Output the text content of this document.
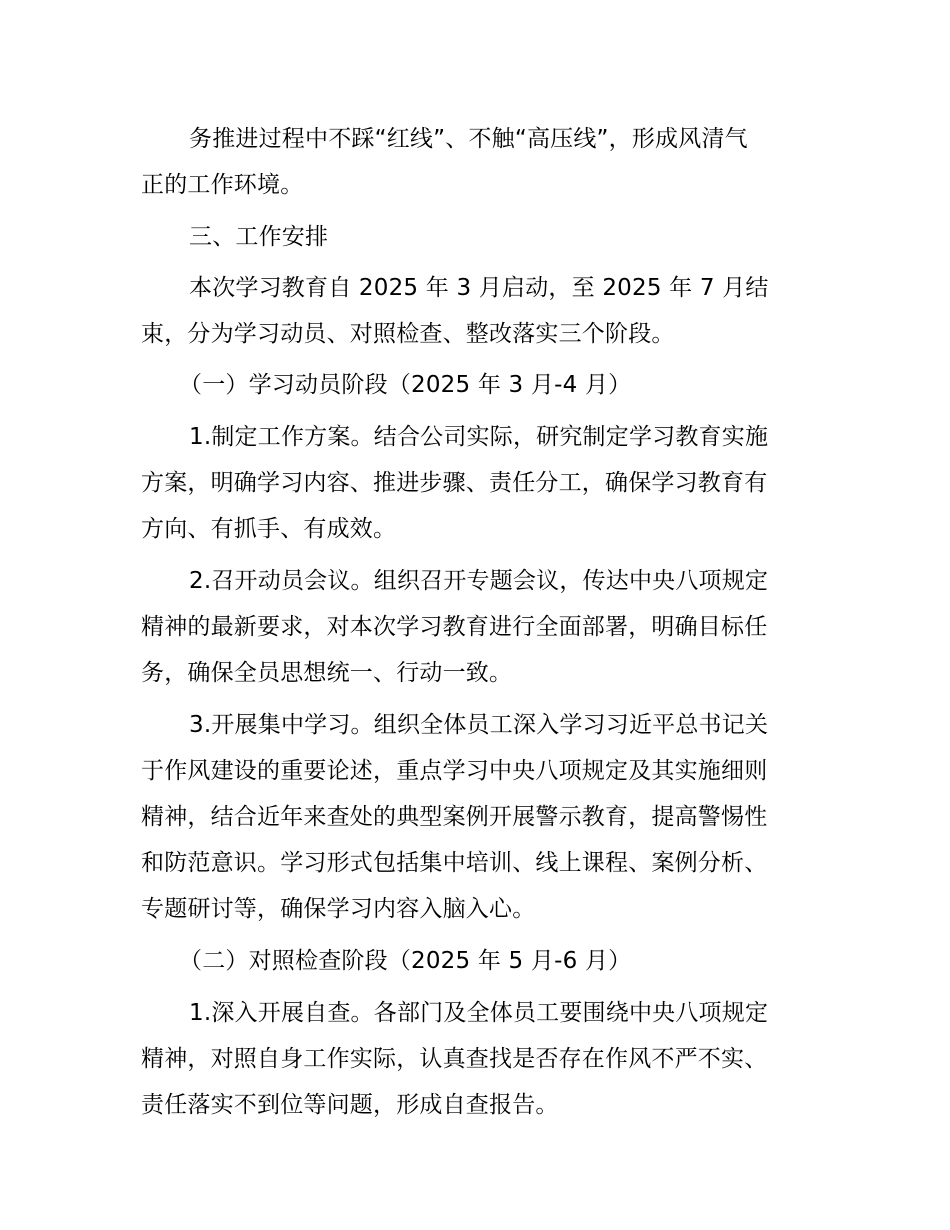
务推进过程中不踩“红线”、不触“高压线”，形成风清气
正的工作环境。
三、工作安排
本次学习教育自 2025 年 3 月启动，至 2025 年 7 月结
束，分为学习动员、对照检查、整改落实三个阶段。
（一）学习动员阶段（2025 年 3 月-4 月）
1.制定工作方案。结合公司实际，研究制定学习教育实施
方案，明确学习内容、推进步骤、责任分工，确保学习教育有
方向、有抓手、有成效。
2.召开动员会议。组织召开专题会议，传达中央八项规定
精神的最新要求，对本次学习教育进行全面部署，明确目标任
务，确保全员思想统一、行动一致。
3.开展集中学习。组织全体员工深入学习习近平总书记关
于作风建设的重要论述，重点学习中央八项规定及其实施细则
精神，结合近年来查处的典型案例开展警示教育，提高警惕性
和防范意识。学习形式包括集中培训、线上课程、案例分析、
专题研讨等，确保学习内容入脑入心。
（二）对照检查阶段（2025 年 5 月-6 月）
1.深入开展自查。各部门及全体员工要围绕中央八项规定
精神，对照自身工作实际，认真查找是否存在作风不严不实、
责任落实不到位等问题，形成自查报告。
